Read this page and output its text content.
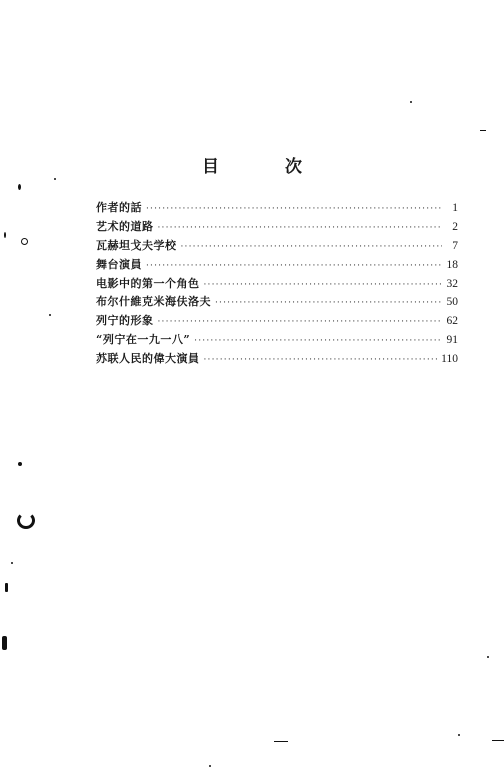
目 次
作者的話 ·····	1
艺术的道路 ·····	2
瓦赫坦戈夫学校 ·····	7
舞台演員 ·····	18
电影中的第一个角色 ·····	32
布尔什維克米海伕洛夫 ·····	50
列宁的形象 ·····	62
“列宁在一九一八” ·····	91
苏联人民的偉大演員 ·····	110
